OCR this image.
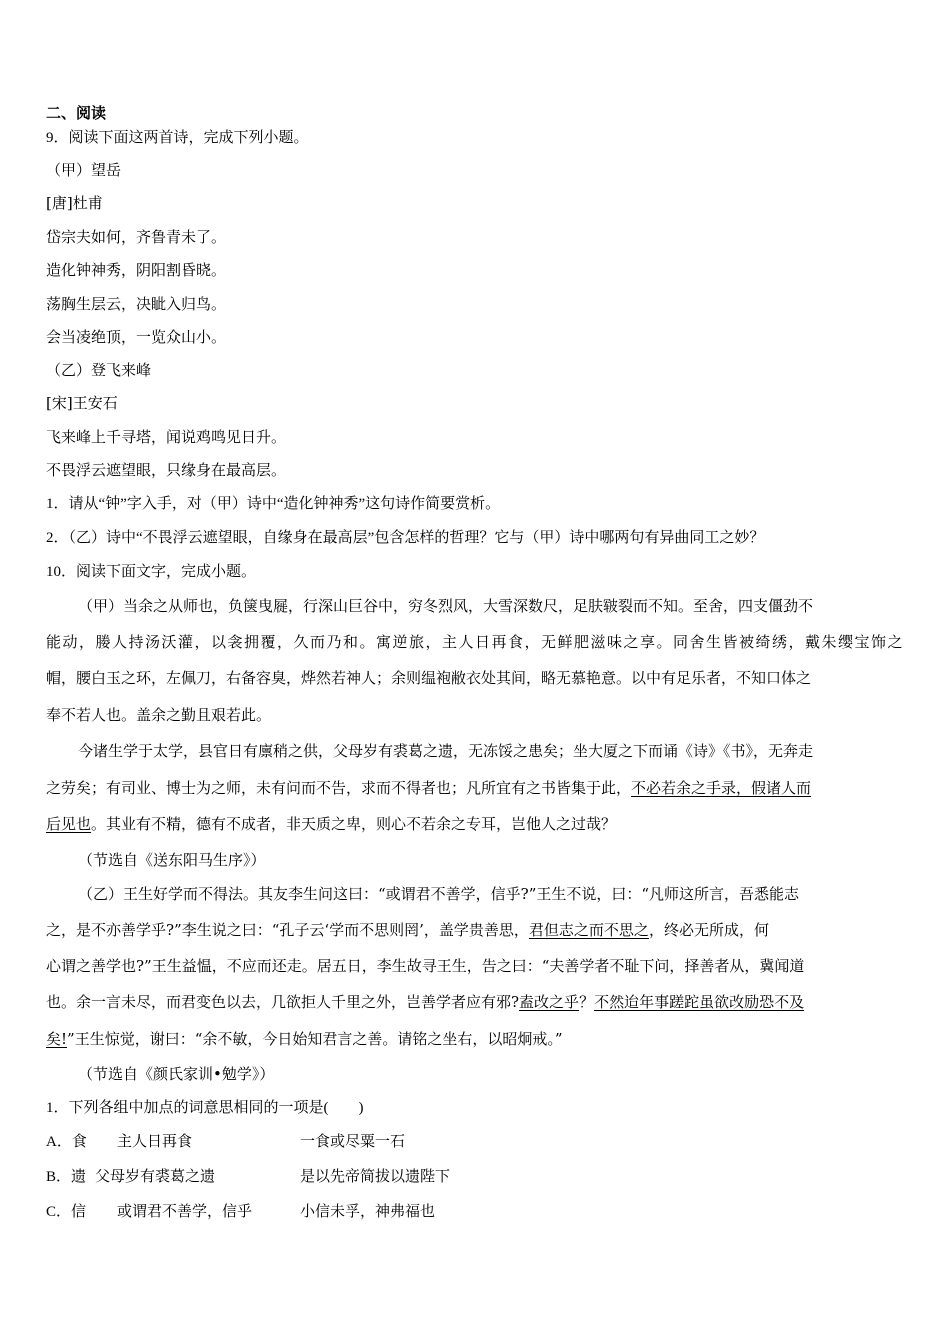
二、阅读
9．阅读下面这两首诗，完成下列小题。
（甲）望岳
[唐]杜甫
岱宗夫如何，齐鲁青未了。
造化钟神秀，阴阳割昏晓。
荡胸生层云，决眦入归鸟。
会当凌绝顶，一览众山小。
（乙）登飞来峰
[宋]王安石
飞来峰上千寻塔，闻说鸡鸣见日升。
不畏浮云遮望眼，只缘身在最高层。
1．请从“钟”字入手，对（甲）诗中“造化钟神秀”这句诗作简要赏析。
2．（乙）诗中“不畏浮云遮望眼，自缘身在最高层”包含怎样的哲理？它与（甲）诗中哪两句有异曲同工之妙？
10．阅读下面文字，完成小题。
（甲）当余之从师也，负箧曳屣，行深山巨谷中，穷冬烈风，大雪深数尺，足肤皲裂而不知。至舍，四支僵劲不
能动，媵人持汤沃灌，以衾拥覆，久而乃和。寓逆旅，主人日再食，无鲜肥滋味之享。同舍生皆被绮绣，戴朱缨宝饰之
帽，腰白玉之环，左佩刀，右备容臭，烨然若神人；余则缊袍敝衣处其间，略无慕艳意。以中有足乐者，不知口体之
奉不若人也。盖余之勤且艰若此。
今诸生学于太学，县官日有廪稍之供，父母岁有裘葛之遗，无冻馁之患矣；坐大厦之下而诵《诗》《书》，无奔走
之劳矣；有司业、博士为之师，未有问而不告，求而不得者也；凡所宜有之书皆集于此，不必若余之手录，假诸人而
后见也。其业有不精，德有不成者，非天质之卑，则心不若余之专耳，岂他人之过哉？
（节选自《送东阳马生序》）
（乙）王生好学而不得法。其友李生问这曰：“或谓君不善学，信乎?”王生不说，曰：“凡师这所言，吾悉能志
之，是不亦善学乎?”李生说之曰：“孔子云‘学而不思则罔’，盖学贵善思，君但志之而不思之，终必无所成，何
心谓之善学也?”王生益愠，不应而还走。居五日，李生故寻王生，告之曰：“夫善学者不耻下问，择善者从，冀闻道
也。余一言未尽，而君变色以去，几欲拒人千里之外，岂善学者应有邪?盍改之乎？不然迨年事蹉跎虽欲改励恐不及
矣!”王生惊觉，谢曰：“余不敏，今日始知君言之善。请铭之坐右，以昭炯戒。”
（节选自《颜氏家训•勉学》）
1．下列各组中加点的词意思相同的一项是(　　)
A．食 主人日再食	一食或尽粟一石
B．遗 父母岁有裘葛之遗	是以先帝简拔以遗陛下
C．信 或谓君不善学，信乎	小信未孚，神弗福也
